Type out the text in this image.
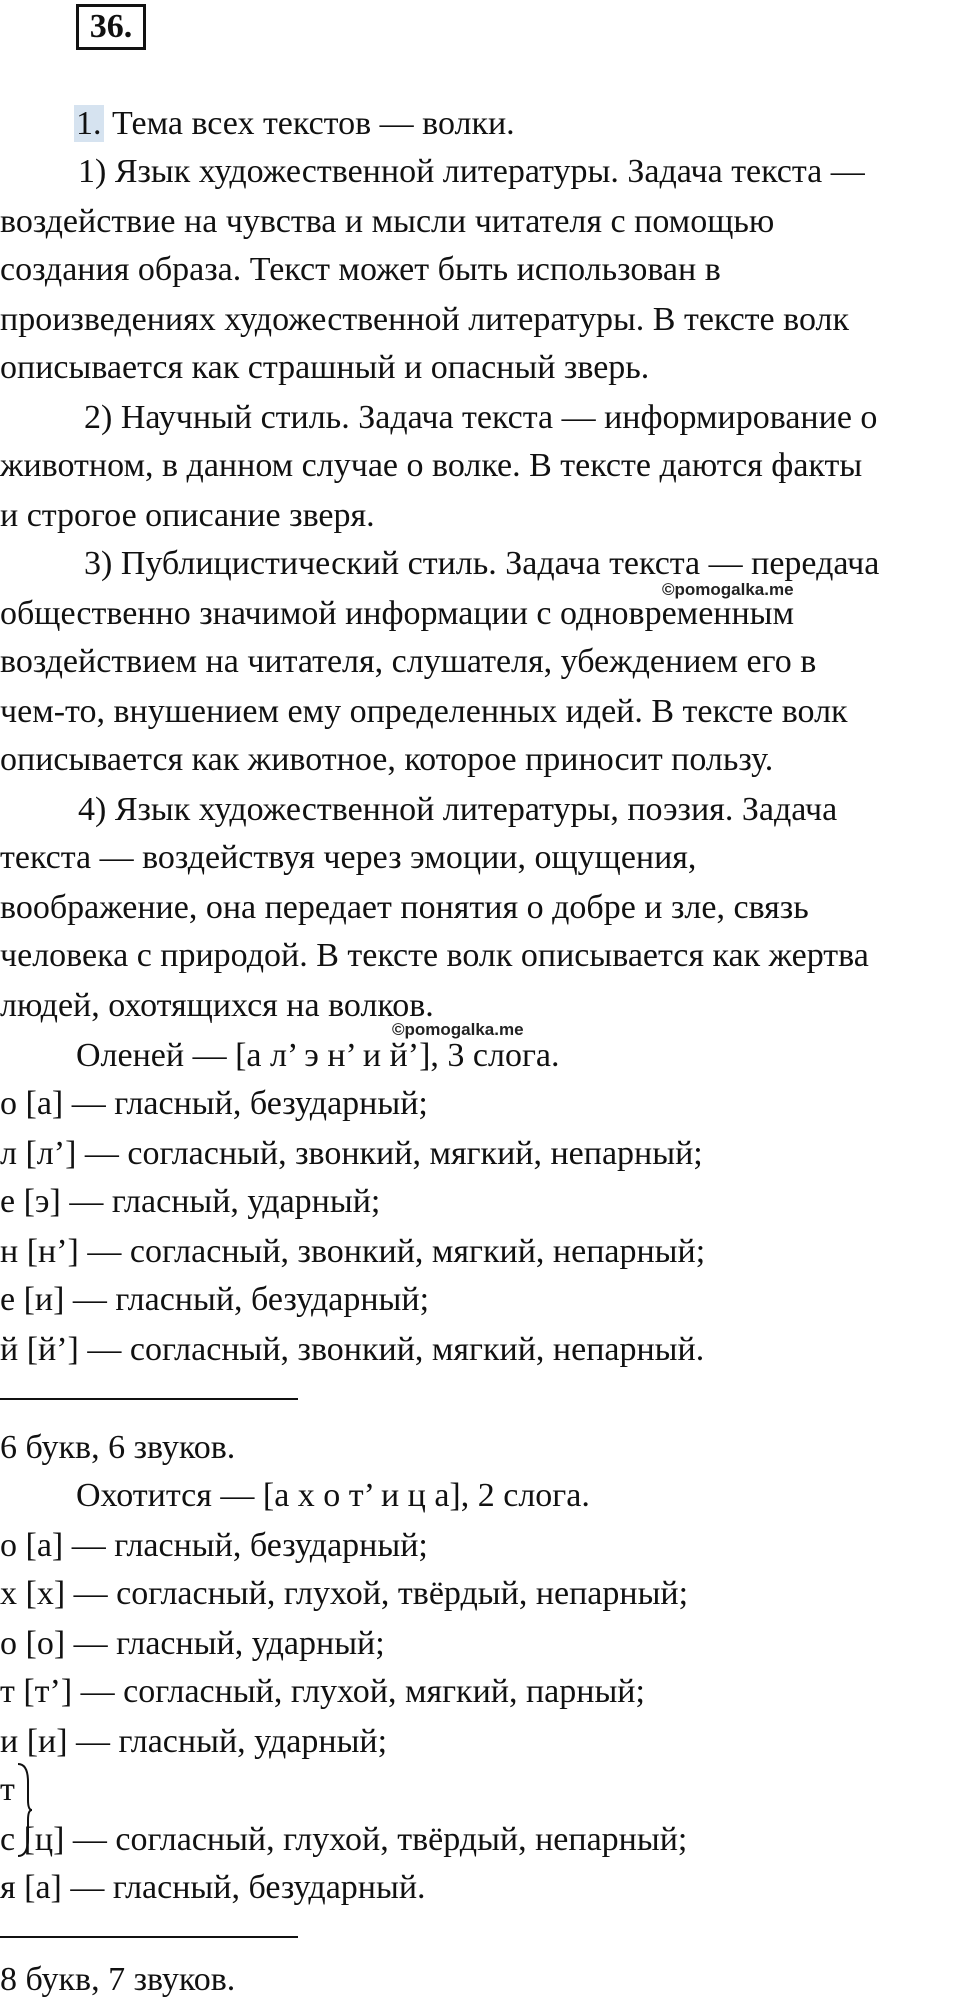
36.
1. Тема всех текстов — волки.
1) Язык художественной литературы. Задача текста —
воздействие на чувства и мысли читателя с помощью
создания образа. Текст может быть использован в
произведениях художественной литературы. В тексте волк
описывается как страшный и опасный зверь.
2) Научный стиль. Задача текста — информирование о
животном, в данном случае о волке. В тексте даются факты
и строгое описание зверя.
3) Публицистический стиль. Задача текста — передача
©pomogalka.me
общественно значимой информации с одновременным
воздействием на читателя, слушателя, убеждением его в
чем-то, внушением ему определенных идей. В тексте волк
описывается как животное, которое приносит пользу.
4) Язык художественной литературы, поэзия. Задача
текста — воздействуя через эмоции, ощущения,
воображение, она передает понятия о добре и зле, связь
человека с природой. В тексте волк описывается как жертва
людей, охотящихся на волков.
©pomogalka.me
Оленей — [а л’ э н’ и й’], 3 слога.
о [а] — гласный, безударный;
л [л’] — согласный, звонкий, мягкий, непарный;
е [э] — гласный, ударный;
н [н’] — согласный, звонкий, мягкий, непарный;
е [и] — гласный, безударный;
й [й’] — согласный, звонкий, мягкий, непарный.
6 букв, 6 звуков.
Охотится — [а х о т’ и ц а], 2 слога.
о [а] — гласный, безударный;
х [х] — согласный, глухой, твёрдый, непарный;
о [о] — гласный, ударный;
т [т’] — согласный, глухой, мягкий, парный;
и [и] — гласный, ударный;
т
с [ц] — согласный, глухой, твёрдый, непарный;
я [а] — гласный, безударный.
8 букв, 7 звуков.
